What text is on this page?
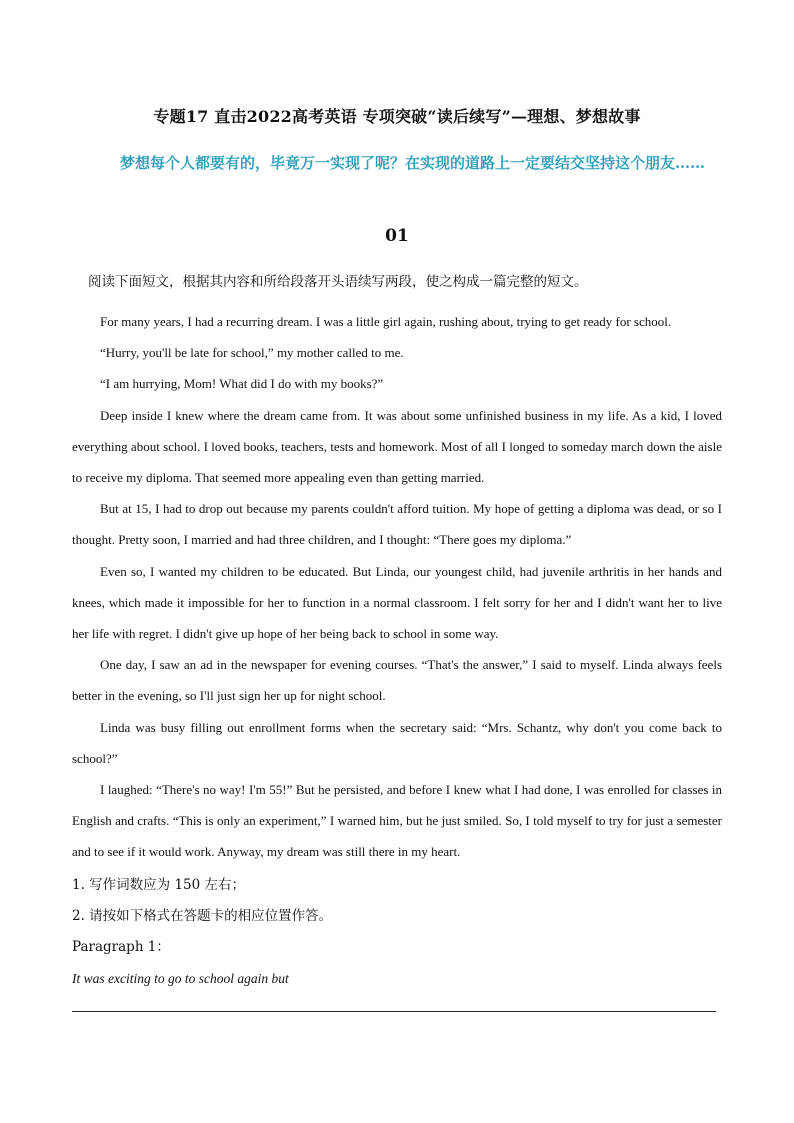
专题17 直击2022高考英语 专项突破“读后续写”—理想、梦想故事
梦想每个人都要有的，毕竟万一实现了呢？在实现的道路上一定要结交坚持这个朋友……
01
阅读下面短文，根据其内容和所给段落开头语续写两段，使之构成一篇完整的短文。

For many years, I had a recurring dream. I was a little girl again, rushing about, trying to get ready for school.

“Hurry, you'll be late for school,” my mother called to me.

“I am hurrying, Mom! What did I do with my books?”

Deep inside I knew where the dream came from. It was about some unfinished business in my life. As a kid, I loved everything about school. I loved books, teachers, tests and homework. Most of all I longed to someday march down the aisle to receive my diploma. That seemed more appealing even than getting married.

But at 15, I had to drop out because my parents couldn't afford tuition. My hope of getting a diploma was dead, or so I thought. Pretty soon, I married and had three children, and I thought: “There goes my diploma.”

Even so, I wanted my children to be educated. But Linda, our youngest child, had juvenile arthritis in her hands and knees, which made it impossible for her to function in a normal classroom. I felt sorry for her and I didn't want her to live her life with regret. I didn't give up hope of her being back to school in some way.

One day, I saw an ad in the newspaper for evening courses. “That's the answer,” I said to myself. Linda always feels better in the evening, so I'll just sign her up for night school.

Linda was busy filling out enrollment forms when the secretary said: “Mrs. Schantz, why don't you come back to school?”

I laughed: “There's no way! I'm 55!” But he persisted, and before I knew what I had done, I was enrolled for classes in English and crafts. “This is only an experiment,” I warned him, but he just smiled. So, I told myself to try for just a semester and to see if it would work. Anyway, my dream was still there in my heart.

1. 写作词数应为 150 左右；
2. 请按如下格式在答题卡的相应位置作答。
Paragraph 1：
It was exciting to go to school again but
